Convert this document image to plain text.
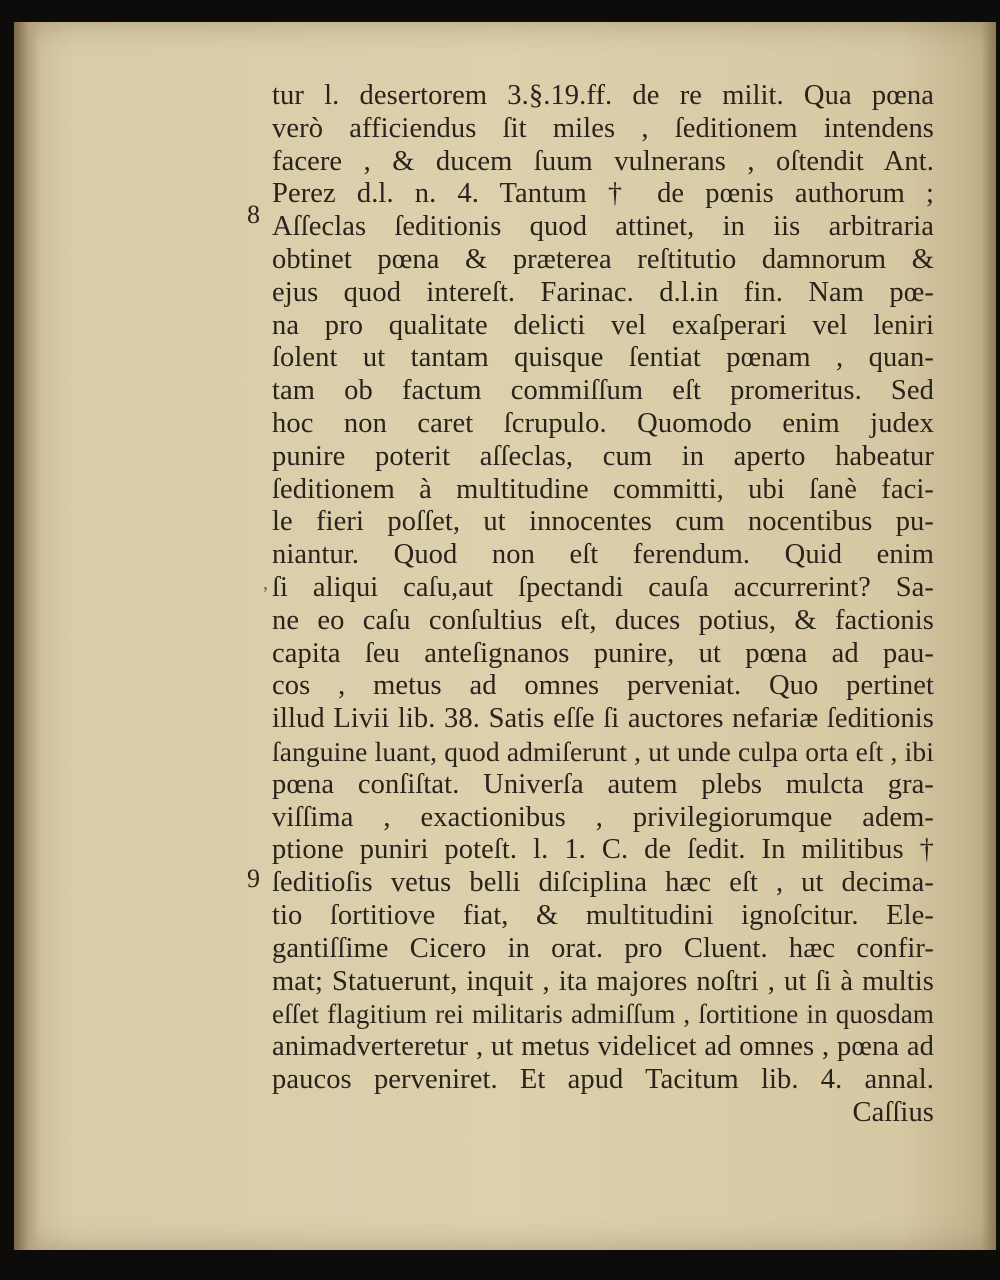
8
9
‚
tur l. desertorem 3.§.19.ff. de re milit. Qua pœna
verò afficiendus ſit miles , ſeditionem intendens
facere , & ducem ſuum vulnerans , oſtendit Ant.
Perez d.l. n. 4. Tantum † de pœnis authorum ;
Aſſeclas ſeditionis quod attinet, in iis arbitraria
obtinet pœna & præterea reſtitutio damnorum &
ejus quod intereſt. Farinac. d.l.in fin. Nam pœ-
na pro qualitate delicti vel exaſperari vel leniri
ſolent ut tantam quisque ſentiat pœnam , quan-
tam ob factum commiſſum eſt promeritus. Sed
hoc non caret ſcrupulo. Quomodo enim judex
punire poterit aſſeclas, cum in aperto habeatur
ſeditionem à multitudine committi, ubi ſanè faci-
le fieri poſſet, ut innocentes cum nocentibus pu-
niantur. Quod non eſt ferendum. Quid enim
ſi aliqui caſu,aut ſpectandi cauſa accurrerint? Sa-
ne eo caſu conſultius eſt, duces potius, & factionis
capita ſeu anteſignanos punire, ut pœna ad pau-
cos , metus ad omnes perveniat. Quo pertinet
illud Livii lib. 38. Satis eſſe ſi auctores nefariæ ſeditionis
ſanguine luant, quod admiſerunt , ut unde culpa orta eſt , ibi
pœna conſiſtat. Univerſa autem plebs mulcta gra-
viſſima , exactionibus , privilegiorumque adem-
ptione puniri poteſt. l. 1. C. de ſedit. In militibus †
ſeditioſis vetus belli diſciplina hæc eſt , ut decima-
tio ſortitiove fiat, & multitudini ignoſcitur. Ele-
gantiſſime Cicero in orat. pro Cluent. hæc confir-
mat; Statuerunt, inquit , ita majores noſtri , ut ſi à multis
eſſet flagitium rei militaris admiſſum , ſortitione in quosdam
animadverteretur , ut metus videlicet ad omnes , pœna ad
paucos perveniret. Et apud Tacitum lib. 4. annal.
Caſſius
